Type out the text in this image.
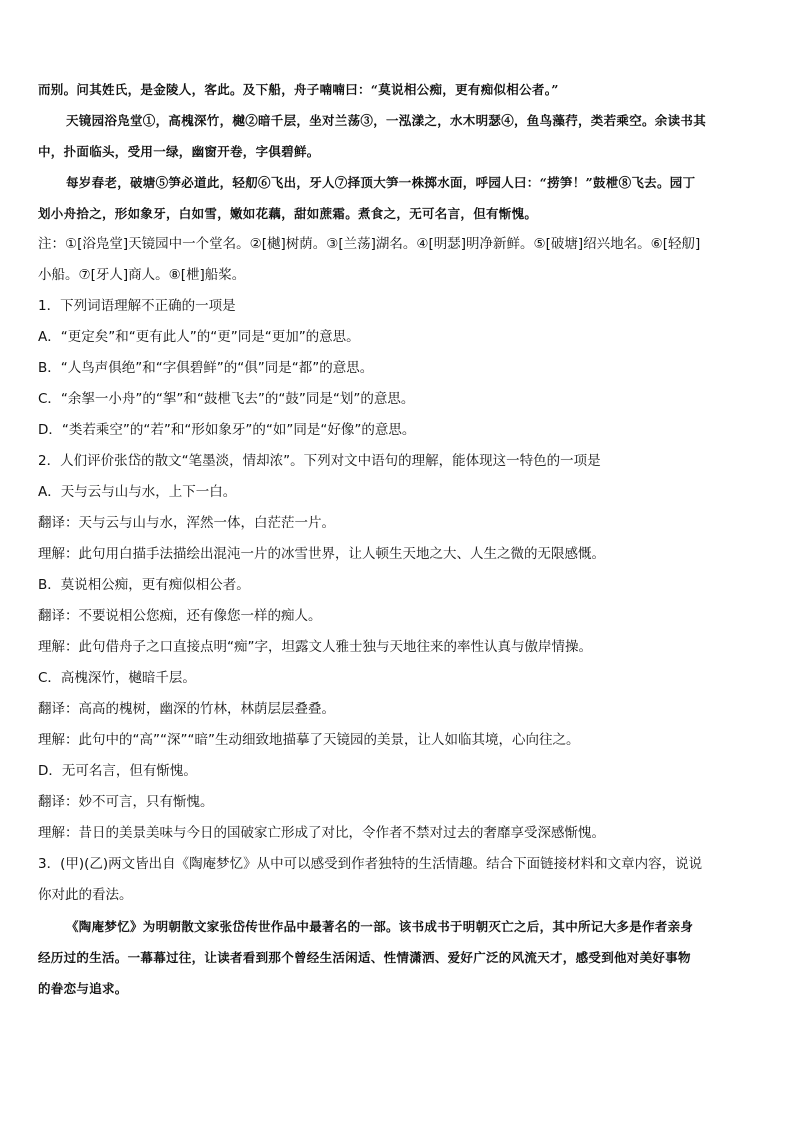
而别。问其姓氏，是金陵人，客此。及下船，舟子喃喃曰：“莫说相公痴，更有痴似相公者。”
天镜园浴凫堂①，高槐深竹，樾②暗千层，坐对兰荡③，一泓漾之，水木明瑟④，鱼鸟藻荇，类若乘空。余读书其
中，扑面临头，受用一绿，幽窗开卷，字俱碧鲜。
每岁春老，破塘⑤笋必道此，轻舠⑥飞出，牙人⑦择顶大笋一株掷水面，呼园人曰：“捞笋！”鼓枻⑧飞去。园丁
划小舟拾之，形如象牙，白如雪，嫩如花藕，甜如蔗霜。煮食之，无可名言，但有惭愧。
注：①[浴凫堂]天镜园中一个堂名。②[樾]树荫。③[兰荡]湖名。④[明瑟]明净新鲜。⑤[破塘]绍兴地名。⑥[轻舠]
小船。⑦[牙人]商人。⑧[枻]船桨。
1．下列词语理解不正确的一项是
A．“更定矣”和“更有此人”的“更”同是“更加”的意思。
B．“人鸟声俱绝”和“字俱碧鲜”的“俱”同是“都”的意思。
C．“余挐一小舟”的“挐”和“鼓枻飞去”的“鼓”同是“划”的意思。
D．“类若乘空”的“若”和“形如象牙”的“如”同是“好像”的意思。
2．人们评价张岱的散文“笔墨淡，情却浓”。下列对文中语句的理解，能体现这一特色的一项是
A．天与云与山与水，上下一白。
翻译：天与云与山与水，浑然一体，白茫茫一片。
理解：此句用白描手法描绘出混沌一片的冰雪世界，让人顿生天地之大、人生之微的无限感慨。
B．莫说相公痴，更有痴似相公者。
翻译：不要说相公您痴，还有像您一样的痴人。
理解：此句借舟子之口直接点明“痴”字，坦露文人雅士独与天地往来的率性认真与傲岸情操。
C．高槐深竹，樾暗千层。
翻译：高高的槐树，幽深的竹林，林荫层层叠叠。
理解：此句中的“高”“深”“暗”生动细致地描摹了天镜园的美景，让人如临其境，心向往之。
D．无可名言，但有惭愧。
翻译：妙不可言，只有惭愧。
理解：昔日的美景美味与今日的国破家亡形成了对比，令作者不禁对过去的奢靡享受深感惭愧。
3．(甲)(乙)两文皆出自《陶庵梦忆》从中可以感受到作者独特的生活情趣。结合下面链接材料和文章内容，说说
你对此的看法。
《陶庵梦忆》为明朝散文家张岱传世作品中最著名的一部。该书成书于明朝灭亡之后，其中所记大多是作者亲身
经历过的生活。一幕幕过往，让读者看到那个曾经生活闲适、性情潇洒、爱好广泛的风流天才，感受到他对美好事物
的眷恋与追求。
